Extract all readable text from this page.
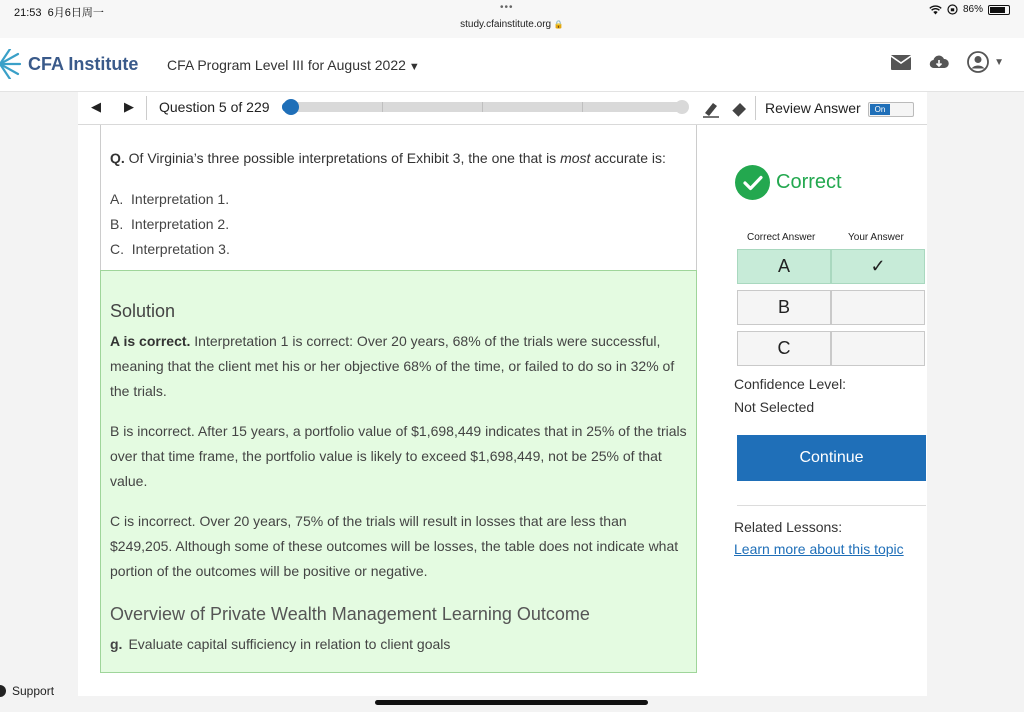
21:53 6月6日周一	•••
study.cfainstitute.org 🔒
86%
CFA Institute CFA Program Level III for August 2022 ▼	▼
◀ ▶ Question 5 of 229	Review Answer	On
Q. Of Virginia’s three possible interpretations of Exhibit 3, the one that is most accurate is:
A. Interpretation 1.
B. Interpretation 2.
C. Interpretation 3.
Solution
A is correct. Interpretation 1 is correct: Over 20 years, 68% of the trials were successful, meaning that the client met his or her objective 68% of the time, or failed to do so in 32% of the trials.
B is incorrect. After 15 years, a portfolio value of $1,698,449 indicates that in 25% of the trials over that time frame, the portfolio value is likely to exceed $1,698,449, not be 25% of that value.
C is incorrect. Over 20 years, 75% of the trials will result in losses that are less than $249,205. Although some of these outcomes will be losses, the table does not indicate what portion of the outcomes will be positive or negative.
Overview of Private Wealth Management Learning Outcome
g. Evaluate capital sufficiency in relation to client goals
Correct
Correct Answer	Your Answer
A	✓
B
C
Confidence Level:
Not Selected
Continue
Related Lessons:
Learn more about this topic
Support
